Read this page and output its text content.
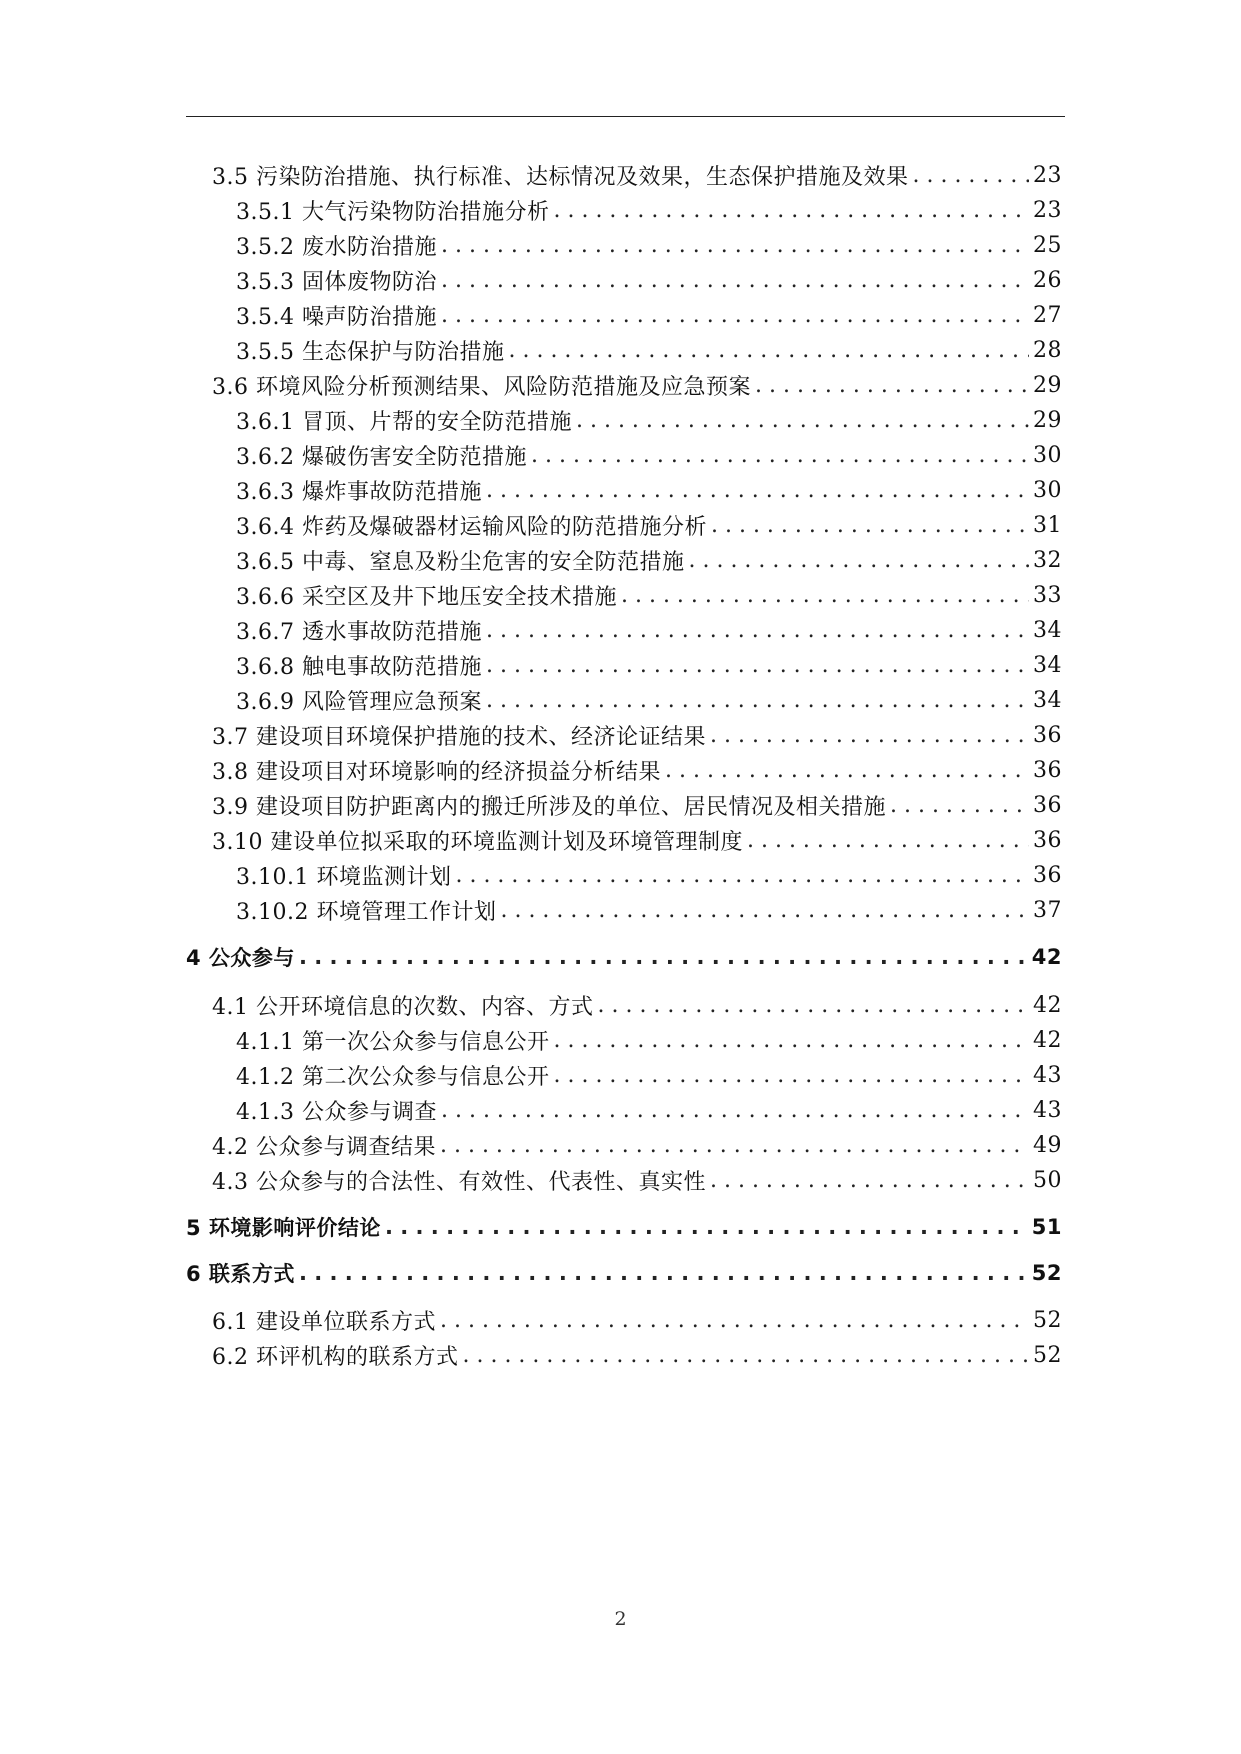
3.5 污染防治措施、执行标准、达标情况及效果，生态保护措施及效果 . . .	23
3.5.1 大气污染物防治措施分析 . . .	23
3.5.2 废水防治措施 . . .	25
3.5.3 固体废物防治 . . .	26
3.5.4 噪声防治措施 . . .	27
3.5.5 生态保护与防治措施 . . .	28
3.6 环境风险分析预测结果、风险防范措施及应急预案 . . .	29
3.6.1 冒顶、片帮的安全防范措施 . . .	29
3.6.2 爆破伤害安全防范措施 . . .	30
3.6.3 爆炸事故防范措施 . . .	30
3.6.4 炸药及爆破器材运输风险的防范措施分析 . . .	31
3.6.5 中毒、窒息及粉尘危害的安全防范措施 . . .	32
3.6.6 采空区及井下地压安全技术措施 . . .	33
3.6.7 透水事故防范措施 . . .	34
3.6.8 触电事故防范措施 . . .	34
3.6.9 风险管理应急预案 . . .	34
3.7 建设项目环境保护措施的技术、经济论证结果 . . .	36
3.8 建设项目对环境影响的经济损益分析结果 . . .	36
3.9 建设项目防护距离内的搬迁所涉及的单位、居民情况及相关措施 . . .	36
3.10 建设单位拟采取的环境监测计划及环境管理制度 . . .	36
3.10.1 环境监测计划 . . .	36
3.10.2 环境管理工作计划 . . .	37
4 公众参与 . . .	42
4.1 公开环境信息的次数、内容、方式 . . .	42
4.1.1 第一次公众参与信息公开 . . .	42
4.1.2 第二次公众参与信息公开 . . .	43
4.1.3 公众参与调查 . . .	43
4.2 公众参与调查结果 . . .	49
4.3 公众参与的合法性、有效性、代表性、真实性 . . .	50
5 环境影响评价结论 . . .	51
6 联系方式 . . .	52
6.1 建设单位联系方式 . . .	52
6.2 环评机构的联系方式 . . .	52
2
